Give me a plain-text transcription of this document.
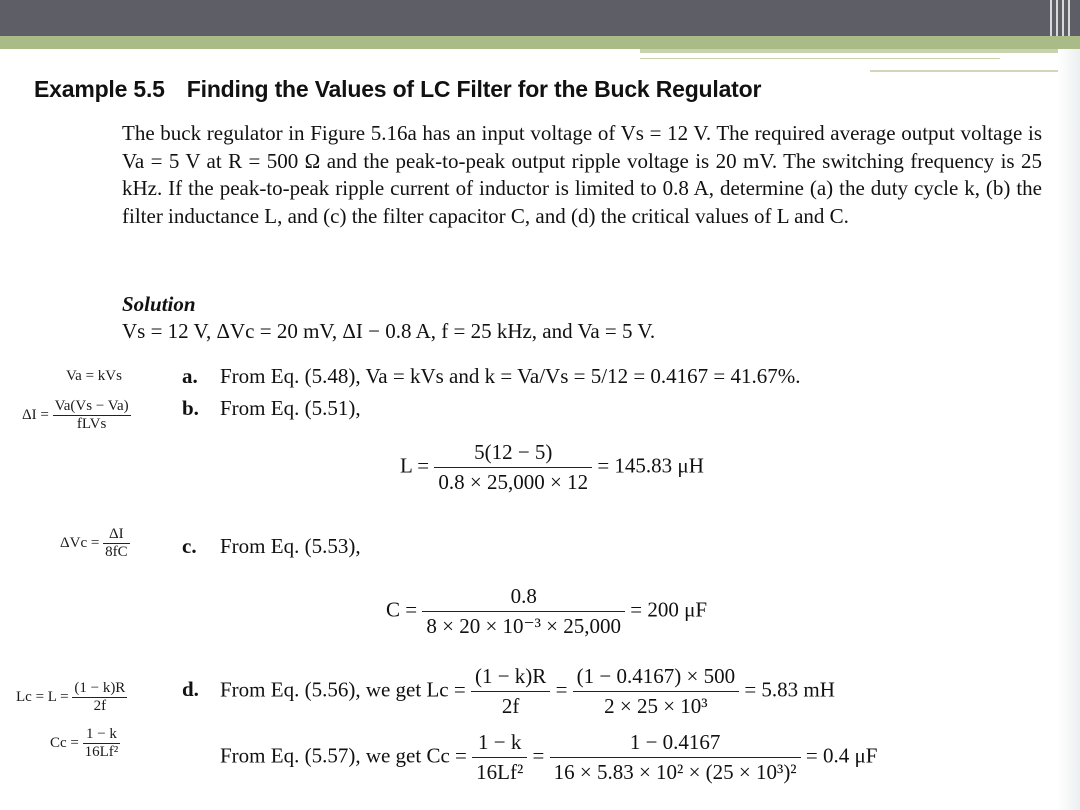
Example 5.5 Finding the Values of LC Filter for the Buck Regulator
The buck regulator in Figure 5.16a has an input voltage of Vs = 12 V. The required average output voltage is Va = 5 V at R = 500 Ω and the peak-to-peak output ripple voltage is 20 mV. The switching frequency is 25 kHz. If the peak-to-peak ripple current of inductor is limited to 0.8 A, determine (a) the duty cycle k, (b) the filter inductance L, and (c) the filter capacitor C, and (d) the critical values of L and C.
Solution
Vs = 12 V, ΔVc = 20 mV, ΔI − 0.8 A, f = 25 kHz, and Va = 5 V.
Va = kVs
$\Delta I = \frac{Va(Vs - Va)}{\text{fLVs}}$
$\Delta Vc = \frac{\Delta I}{8fC}$
$Lc = L = \frac{(1 - k)R}{2f}$
$Cc = \frac{1 - k}{\text{16Lf²}}$
a. From Eq. (5.48), Va = kVs and k = Va/Vs = 5/12 = 0.4167 = 41.67%.
b. From Eq. (5.51),
$L = \frac{5(12 - 5)}{0.8 \times 25,000 \times 12} = 145.83$ μH
c. From Eq. (5.53),
$C = \frac{0.8}{\text{8 × 20 × 10⁻³ × 25,000}} = 200$ μF
d. From Eq. (5.56), we get $Lc = \frac{(1 - k)R}{2f} = \frac{(1 - 0.4167) \times 500}{\text{2 × 25 × 10³}} = 5.83$ mH
From Eq. (5.57), we get $Cc = \frac{1 - k}{\text{16Lf²}} = \frac{1 - 0.4167}{\text{16 × 5.83 × 10² × (25 × 10³)²}} = 0.4$ μF
